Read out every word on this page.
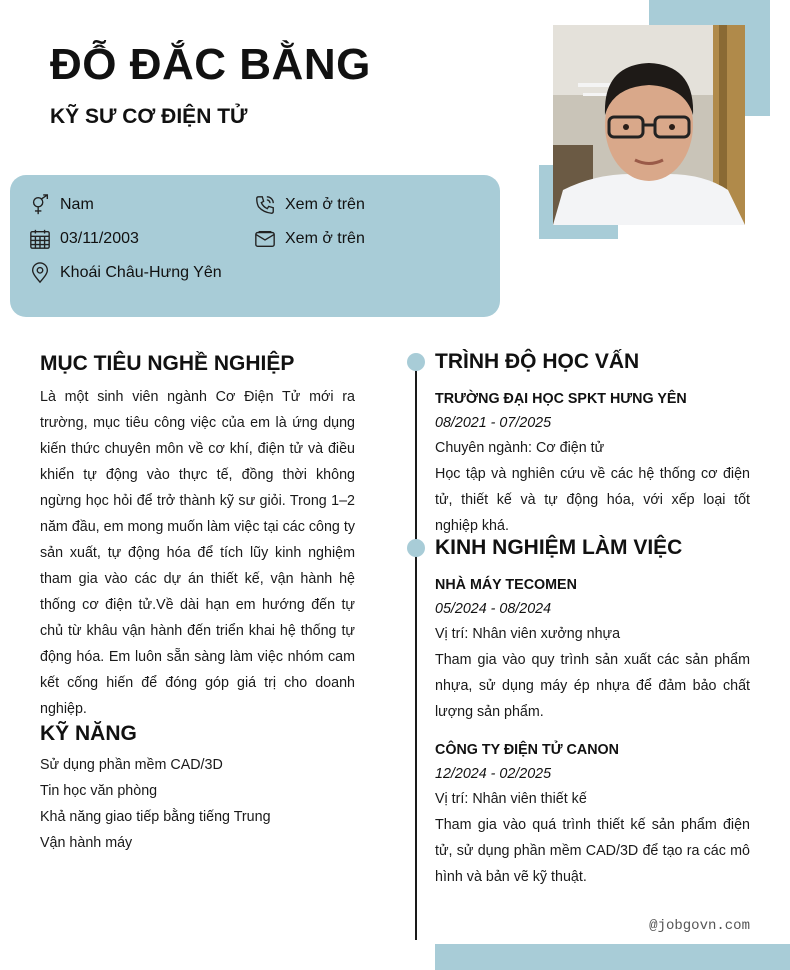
ĐỖ ĐẮC BẰNG
KỸ SƯ CƠ ĐIỆN TỬ
Nam
03/11/2003
Khoái Châu-Hưng Yên
Xem ở trên
Xem ở trên
MỤC TIÊU NGHỀ NGHIỆP

Là một sinh viên ngành Cơ Điện Tử mới ra trường, mục tiêu công việc của em là ứng dụng kiến thức chuyên môn về cơ khí, điện tử và điều khiển tự động vào thực tế, đồng thời không ngừng học hỏi để trở thành kỹ sư giỏi. Trong 1–2 năm đầu, em mong muốn làm việc tại các công ty sản xuất, tự động hóa để tích lũy kinh nghiệm tham gia vào các dự án thiết kế, vận hành hệ thống cơ điện tử.Về dài hạn em hướng đến tự chủ từ khâu vận hành đến triển khai hệ thống tự động hóa. Em luôn sẵn sàng làm việc nhóm cam kết cống hiến để đóng góp giá trị cho doanh nghiệp.

KỸ NĂNG
Sử dụng phần mềm CAD/3D
Tin học văn phòng
Khả năng giao tiếp bằng tiếng Trung
Vận hành máy
TRÌNH ĐỘ HỌC VẤN
TRƯỜNG ĐẠI HỌC SPKT HƯNG YÊN
08/2021 - 07/2025
Chuyên ngành: Cơ điện tử

Học tập và nghiên cứu về các hệ thống cơ điện tử, thiết kế và tự động hóa, với xếp loại tốt nghiệp khá.

KINH NGHIỆM LÀM VIỆC
NHÀ MÁY TECOMEN
05/2024 - 08/2024
Vị trí: Nhân viên xưởng nhựa

Tham gia vào quy trình sản xuất các sản phẩm nhựa, sử dụng máy ép nhựa để đảm bảo chất lượng sản phẩm.

CÔNG TY ĐIỆN TỬ CANON
12/2024 - 02/2025
Vị trí: Nhân viên thiết kế

Tham gia vào quá trình thiết kế sản phẩm điện tử, sử dụng phần mềm CAD/3D để tạo ra các mô hình và bản vẽ kỹ thuật.

@jobgovn.com
